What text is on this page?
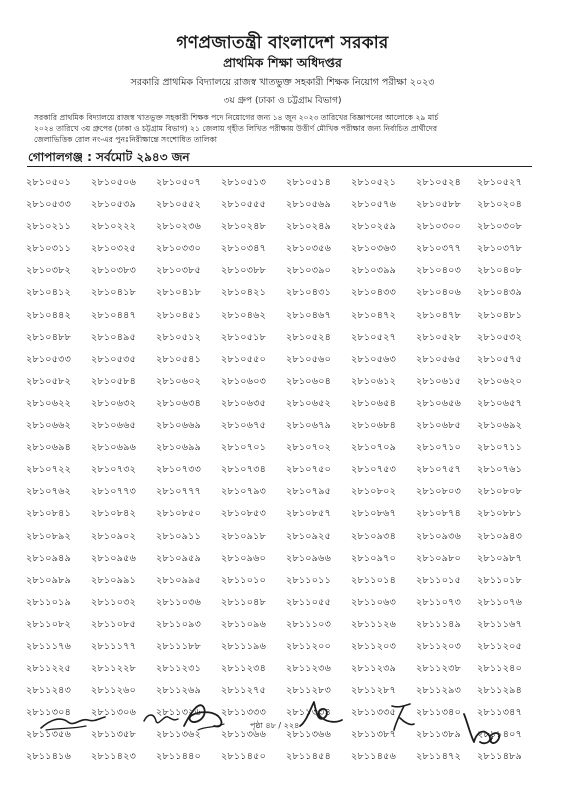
গণপ্রজাতন্ত্রী বাংলাদেশ সরকার
প্রাথমিক শিক্ষা অধিদপ্তর
সরকারি প্রাথমিক বিদ্যালয়ে রাজস্ব খাতভুক্ত সহকারী শিক্ষক নিয়োগ পরীক্ষা ২০২৩
৩য় গ্রুপ (ঢাকা ও চট্টগ্রাম বিভাগ)
সরকারি প্রাথমিক বিদ্যালয়ে রাজস্ব খাতভুক্ত সহকারী শিক্ষক পদে নিয়োগের জন্য ১৪ জুন ২০২৩ তারিখের বিজ্ঞাপনের আলোকে ২৯ মার্চ
২০২৪ তারিখে ৩য় গ্রুপের (ঢাকা ও চট্টগ্রাম বিভাগ) ২১ জেলায় গৃহীত লিখিত পরীক্ষায় উত্তীর্ণ মৌখিক পরীক্ষার জন্য নির্বাচিত প্রার্থীদের
জেলাভিত্তিক রোল নং-এর পুনঃনিরীক্ষান্তে সংশোধিত তালিকা
গোপালগঞ্জ : সর্বমোট ২৯৪৩ জন
২৮১০৫০১ ২৮১০৫০৬ ২৮১০৫০৭ ২৮১০৫১৩ ২৮১০৫১৪ ২৮১০৫২১ ২৮১০৫২৪ ২৮১০৫২৭
২৮১০৫৩৩ ২৮১০৫৩৯ ২৮১০৫৫২ ২৮১০৫৫৫ ২৮১০৫৬৯ ২৮১০৫৭৬ ২৮১০৫৮৮ ২৮১০২০৪
২৮১০২১১ ২৮১০২২২ ২৮১০২৩৬ ২৮১০২৪৮ ২৮১০২৪৯ ২৮১০২৫৯ ২৮১০৩০০ ২৮১০৩০৮
২৮১০৩১১ ২৮১০৩২৫ ২৮১০৩৩০ ২৮১০৩৪৭ ২৮১০৩৫৬ ২৮১০৩৬৩ ২৮১০৩৭৭ ২৮১০৩৭৮
২৮১০৩৮২ ২৮১০৩৮৩ ২৮১০৩৮৫ ২৮১০৩৮৮ ২৮১০৩৯০ ২৮১০৩৯৯ ২৮১০৪০৩ ২৮১০৪০৮
২৮১০৪১২ ২৮১০৪১৮ ২৮১০৪১৮ ২৮১০৪২১ ২৮১০৪৩১ ২৮১০৪৩৩ ২৮১০৪০৬ ২৮১০৪৩৯
২৮১০৪৪২ ২৮১০৪৪৭ ২৮১০৪৫১ ২৮১০৪৬২ ২৮১০৪৬৭ ২৮১০৪৭২ ২৮১০৪৭৮ ২৮১০৪৮১
২৮১০৪৮৮ ২৮১০৪৯৫ ২৮১০৫১২ ২৮১০৫১৮ ২৮১০৫২৪ ২৮১০৫২৭ ২৮১০৫২৮ ২৮১০৫৩২
২৮১০৫৩৩ ২৮১০৫৩৫ ২৮১০৫৪১ ২৮১০৫৫০ ২৮১০৫৬০ ২৮১০৫৬৩ ২৮১০৫৬৫ ২৮১০৫৭৫
২৮১০৫৮২ ২৮১০৫৮৪ ২৮১০৬০২ ২৮১০৬০৩ ২৮১০৬০৪ ২৮১০৬১২ ২৮১০৬১৫ ২৮১০৬২০
২৮১০৬২২ ২৮১০৬৩২ ২৮১০৬৩৪ ২৮১০৬৩৫ ২৮১০৬৫২ ২৮১০৬৫৪ ২৮১০৬৫৬ ২৮১০৬৫৭
২৮১০৬৬২ ২৮১০৬৬৫ ২৮১০৬৬৯ ২৮১০৬৭৫ ২৮১০৬৭৯ ২৮১০৬৮৪ ২৮১০৬৮৫ ২৮১০৬৯২
২৮১০৬৯৪ ২৮১০৬৯৬ ২৮১০৬৯৯ ২৮১০৭০১ ২৮১০৭০২ ২৮১০৭০৯ ২৮১০৭১০ ২৮১০৭১১
২৮১০৭২২ ২৮১০৭৩২ ২৮১০৭৩৩ ২৮১০৭৩৪ ২৮১০৭৫০ ২৮১০৭৫৩ ২৮১০৭৫৭ ২৮১০৭৬১
২৮১০৭৬২ ২৮১০৭৭৩ ২৮১০৭৭৭ ২৮১০৭৯৩ ২৮১০৭৯৫ ২৮১০৮০২ ২৮১০৮০৩ ২৮১০৮০৮
২৮১০৮৪১ ২৮১০৮৪২ ২৮১০৮৫০ ২৮১০৮৫৩ ২৮১০৮৫৭ ২৮১০৮৬৭ ২৮১০৮৭৪ ২৮১০৮৮১
২৮১০৮৯২ ২৮১০৯০২ ২৮১০৯১১ ২৮১০৯১৮ ২৮১০৯২৫ ২৮১০৯৩৪ ২৮১০৯৩৬ ২৮১০৯৪৩
২৮১০৯৪৯ ২৮১০৯৫৬ ২৮১০৯৫৯ ২৮১০৯৬০ ২৮১০৯৬৬ ২৮১০৯৭০ ২৮১০৯৮০ ২৮১০৯৮৭
২৮১০৯৮৯ ২৮১০৯৯১ ২৮১০৯৯৫ ২৮১১০১০ ২৮১১০১১ ২৮১১০১৪ ২৮১১০১৫ ২৮১১০১৮
২৮১১০১৯ ২৮১১০৩২ ২৮১১০৩৬ ২৮১১০৪৮ ২৮১১০৫৫ ২৮১১০৬৩ ২৮১১০৭৩ ২৮১১০৭৬
২৮১১০৮২ ২৮১১০৮৫ ২৮১১০৯৩ ২৮১১০৯৬ ২৮১১১০৩ ২৮১১১২৬ ২৮১১১৪৯ ২৮১১১৬৭
২৮১১১৭৬ ২৮১১১৭৭ ২৮১১১৮৮ ২৮১১১৯৬ ২৮১১২০০ ২৮১১২০৩ ২৮১১২০৩ ২৮১১২০৫
২৮১১২২৫ ২৮১১২২৮ ২৮১১২৩১ ২৮১১২৩৪ ২৮১১২৩৬ ২৮১১২৩৯ ২৮১১২৩৮ ২৮১১২৪০
২৮১১২৪৩ ২৮১১২৬০ ২৮১১২৬৯ ২৮১১২৭৫ ২৮১১২৮৩ ২৮১১২৮৭ ২৮১১২৯৩ ২৮১১২৯৪
২৮১১৩০৪ ২৮১১৩০৬ ২৮১১৩২৬ ২৮১১৩৩৩ ২৮১১৩৩৪ ২৮১১৩৩৫ ২৮১১৩৪০ ২৮১১৩৪৭
২৮১১৩৫৬ ২৮১১৩৫৮ ২৮১১৩৬২ ২৮১১৩৬৬ ২৮১১৩৬৬ ২৮১১৩৮৭ ২৮১১৩৮৯ ২৮১১৪০৭
২৮১১৪১৬ ২৮১১৪২৩ ২৮১১৪৪০ ২৮১১৪৫০ ২৮১১৪৫৪ ২৮১১৪৫৬ ২৮১১৪৭২ ২৮১১৪৮৯
পৃষ্ঠা ৪৮ / ২২৪
